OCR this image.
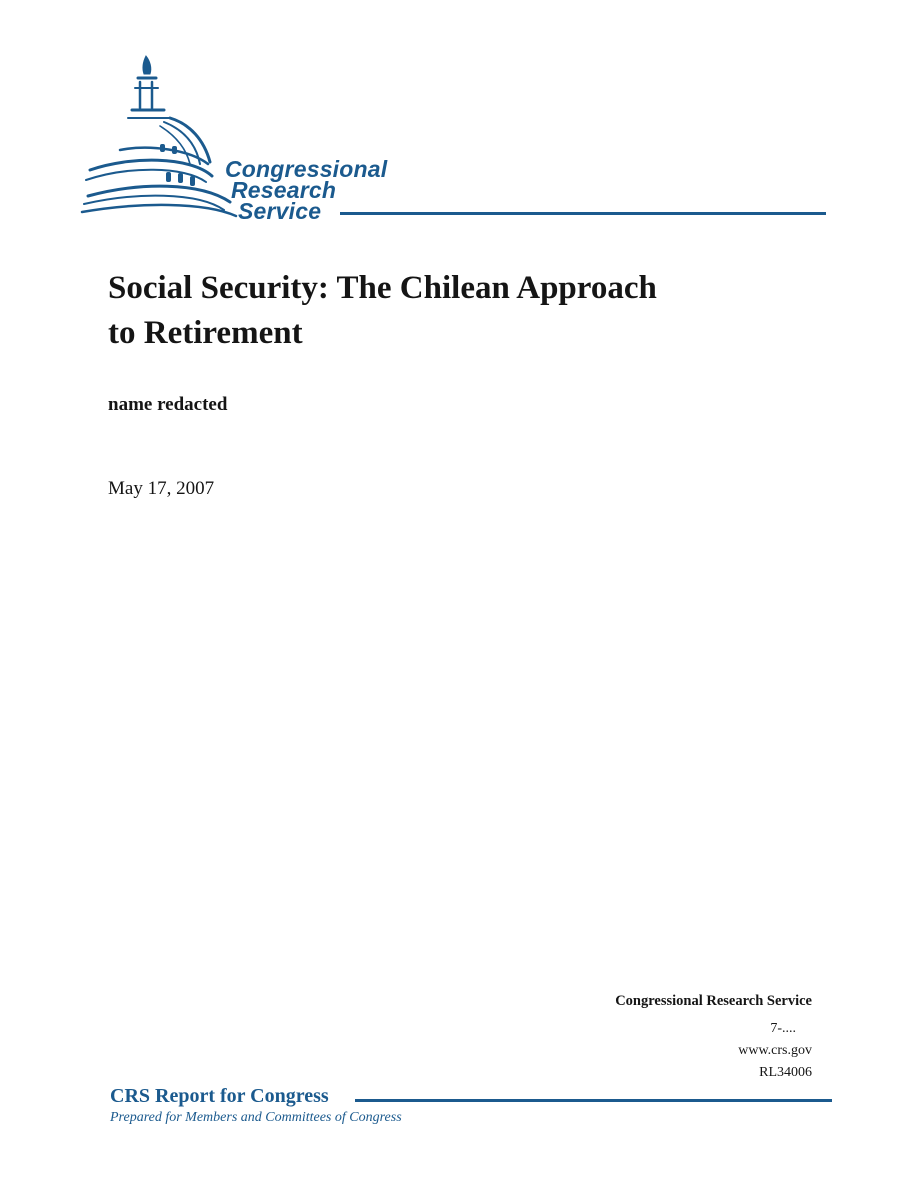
Congressional
Research
Service
Social Security: The Chilean Approach
to Retirement
name redacted
May 17, 2007
Congressional Research Service
7-....
www.crs.gov
RL34006
CRS Report for Congress
Prepared for Members and Committees of Congress
